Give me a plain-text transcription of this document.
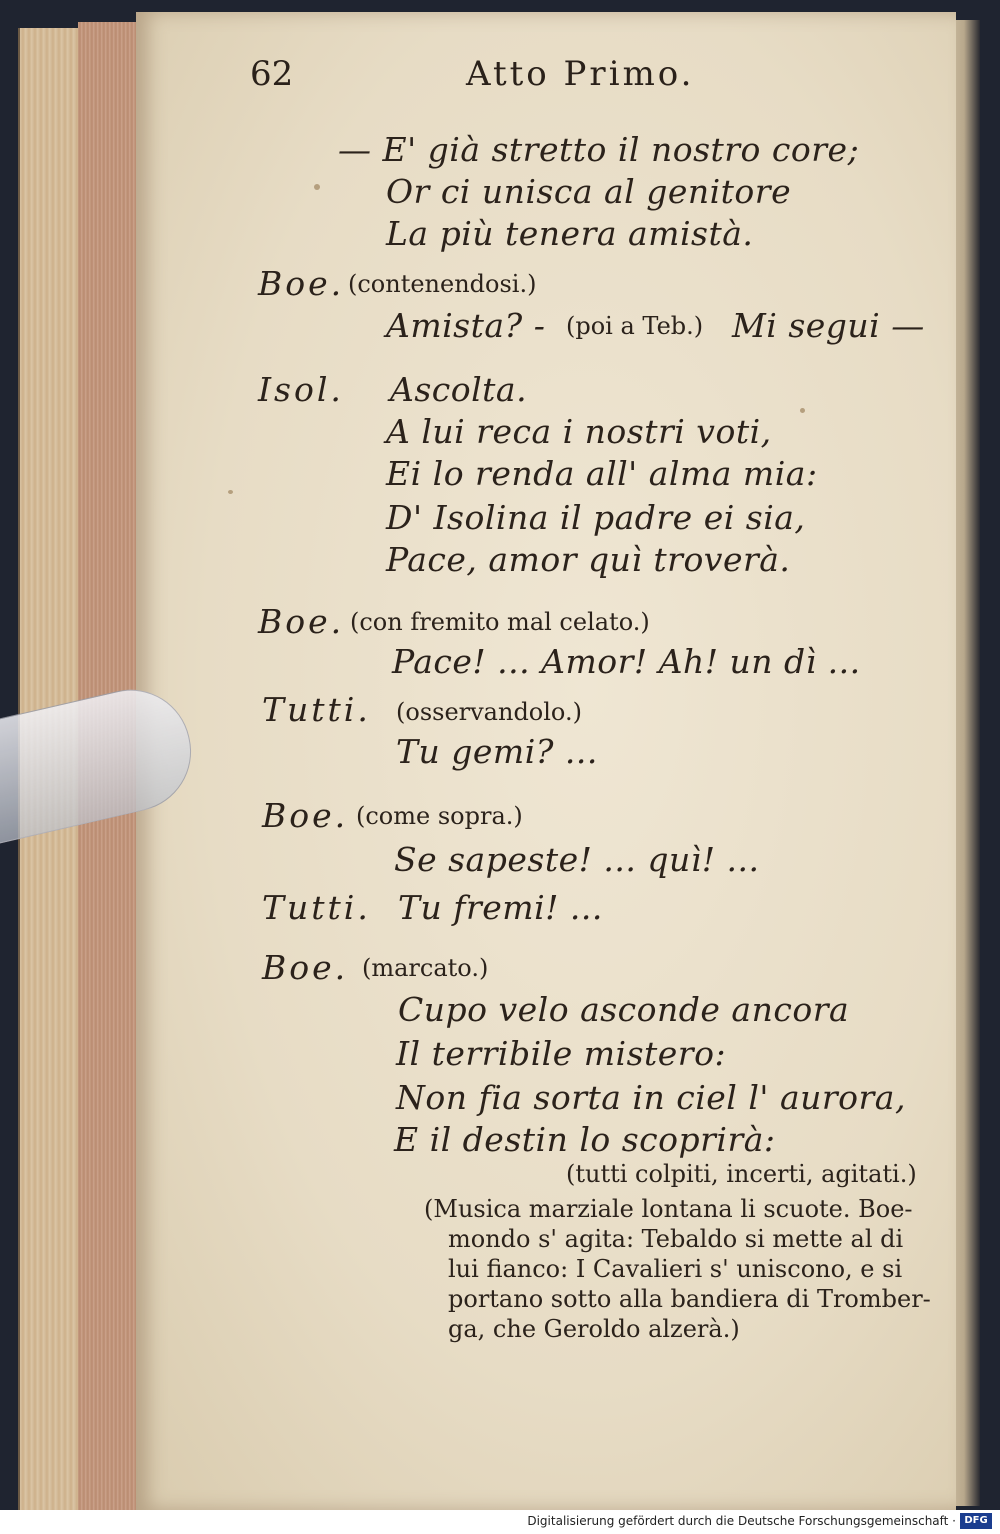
62	Atto Primo.
— E' già stretto il nostro core;
Or ci unisca al genitore
La più tenera amistà.
Boe. (contenendosi.)
Amista? - (poi a Teb.) Mi segui —
Isol. Ascolta.
A lui reca i nostri voti,
Ei lo renda all' alma mia:
D' Isolina il padre ei sia,
Pace, amor quì troverà.
Boe. (con fremito mal celato.)
Pace! ... Amor! Ah! un dì ...
Tutti. (osservandolo.)
Tu gemi? ...
Boe. (come sopra.)
Se sapeste! ... quì! ...
Tutti. Tu fremi! ...
Boe. (marcato.)
Cupo velo asconde ancora
Il terribile mistero:
Non fia sorta in ciel l' aurora,
E il destin lo scoprirà:
(tutti colpiti, incerti, agitati.)
(Musica marziale lontana li scuote. Boe-
mondo s' agita: Tebaldo si mette al di
lui fianco: I Cavalieri s' uniscono, e si
portano sotto alla bandiera di Tromber-
ga, che Geroldo alzerà.)
Digitalisierung gefördert durch die Deutsche Forschungsgemeinschaft · DFG
